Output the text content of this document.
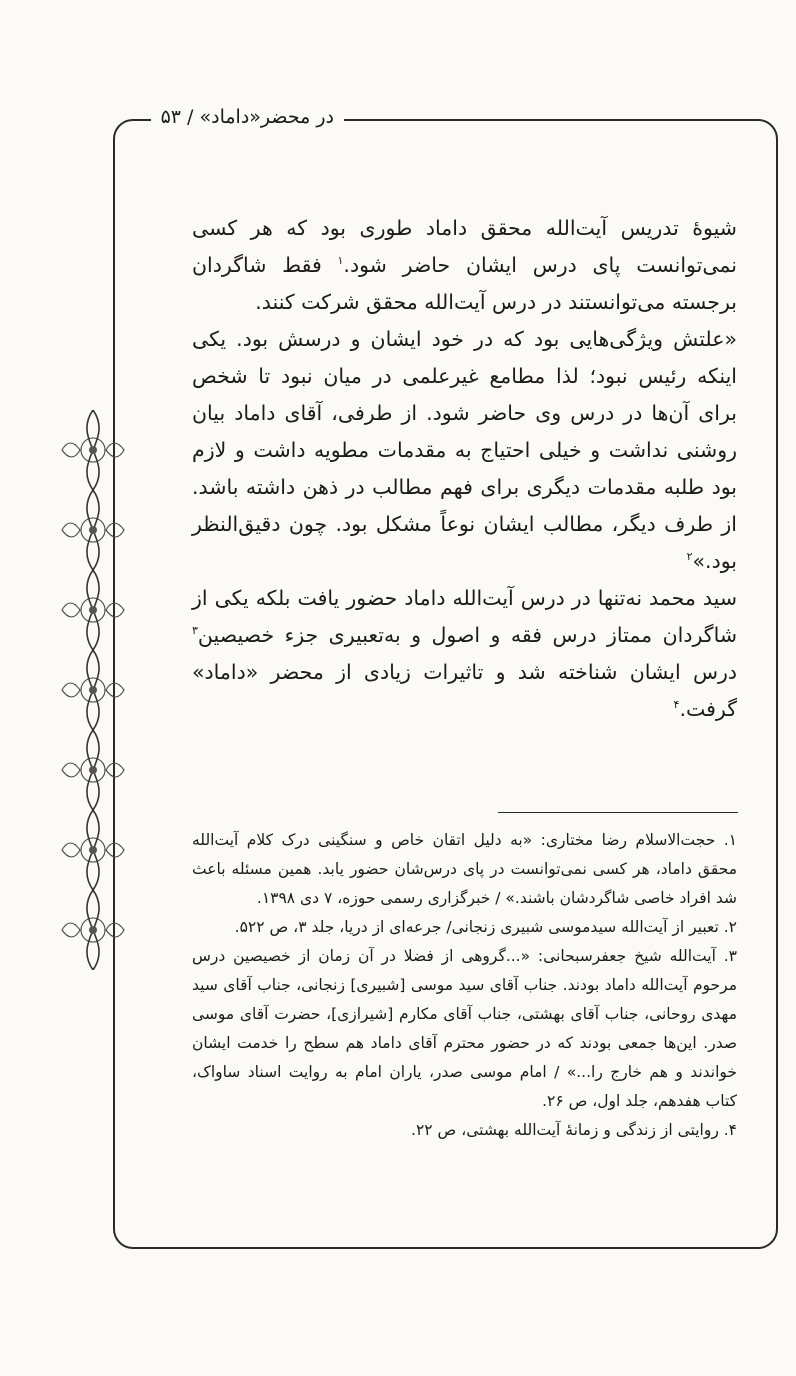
در محضر«داماد» / ۵۳

شیوۀ تدریس آیت‌الله محقق داماد طوری بود که هر کسی نمی‌توانست پای درس ایشان حاضر شود.$^۱$ فقط شاگردان برجسته می‌توانستند در درس آیت‌الله محقق شرکت کنند.

«علتش ویژگی‌هایی بود که در خود ایشان و درسش بود. یکی اینکه رئیس نبود؛ لذا مطامع غیرعلمی در میان نبود تا شخص برای آن‌ها در درس وی حاضر شود. از طرفی، آقای داماد بیان روشنی نداشت و خیلی احتیاج به مقدمات مطویه داشت و لازم بود طلبه مقدمات دیگری برای فهم مطالب در ذهن داشته باشد. از طرف دیگر، مطالب ایشان نوعاً مشکل بود. چون دقیق‌النظر بود.»$^۲$

سید محمد نه‌تنها در درس آیت‌الله داماد حضور یافت بلکه یکی از شاگردان ممتاز درس فقه و اصول و به‌تعبیری جزء خصیصین$^۳$ درس ایشان شناخته شد و تاثیرات زیادی از محضر «داماد» گرفت.$^۴$

۱. حجت‌الاسلام رضا مختاری: «به دلیل اتقان خاص و سنگینی درک کلام آیت‌الله محقق داماد، هر کسی نمی‌توانست در پای درس‌شان حضور یابد. همین مسئله باعث شد افراد خاصی شاگردشان باشند.» / خبرگزاری رسمی حوزه، ۷ دی ۱۳۹۸.

۲. تعبیر از آیت‌الله سیدموسی شبیری زنجانی/ جرعه‌ای از دریا، جلد ۳، ص ۵۲۲.

۳. آیت‌الله شیخ جعفرسبحانی: «...گروهی از فضلا در آن زمان از خصیصین درس مرحوم آیت‌الله داماد بودند. جناب آقای سید موسی [شبیری] زنجانی، جناب آقای سید مهدی روحانی، جناب آقای بهشتی، جناب آقای مکارم [شیرازی]، حضرت آقای موسی صدر. این‌ها جمعی بودند که در حضور محترم آقای داماد هم سطح را خدمت ایشان خواندند و هم خارج را...» / امام موسی صدر، یاران امام به روایت اسناد ساواک، کتاب هفدهم، جلد اول، ص ۲۶.

۴. روایتی از زندگی و زمانۀ آیت‌الله بهشتی، ص ۲۲.
